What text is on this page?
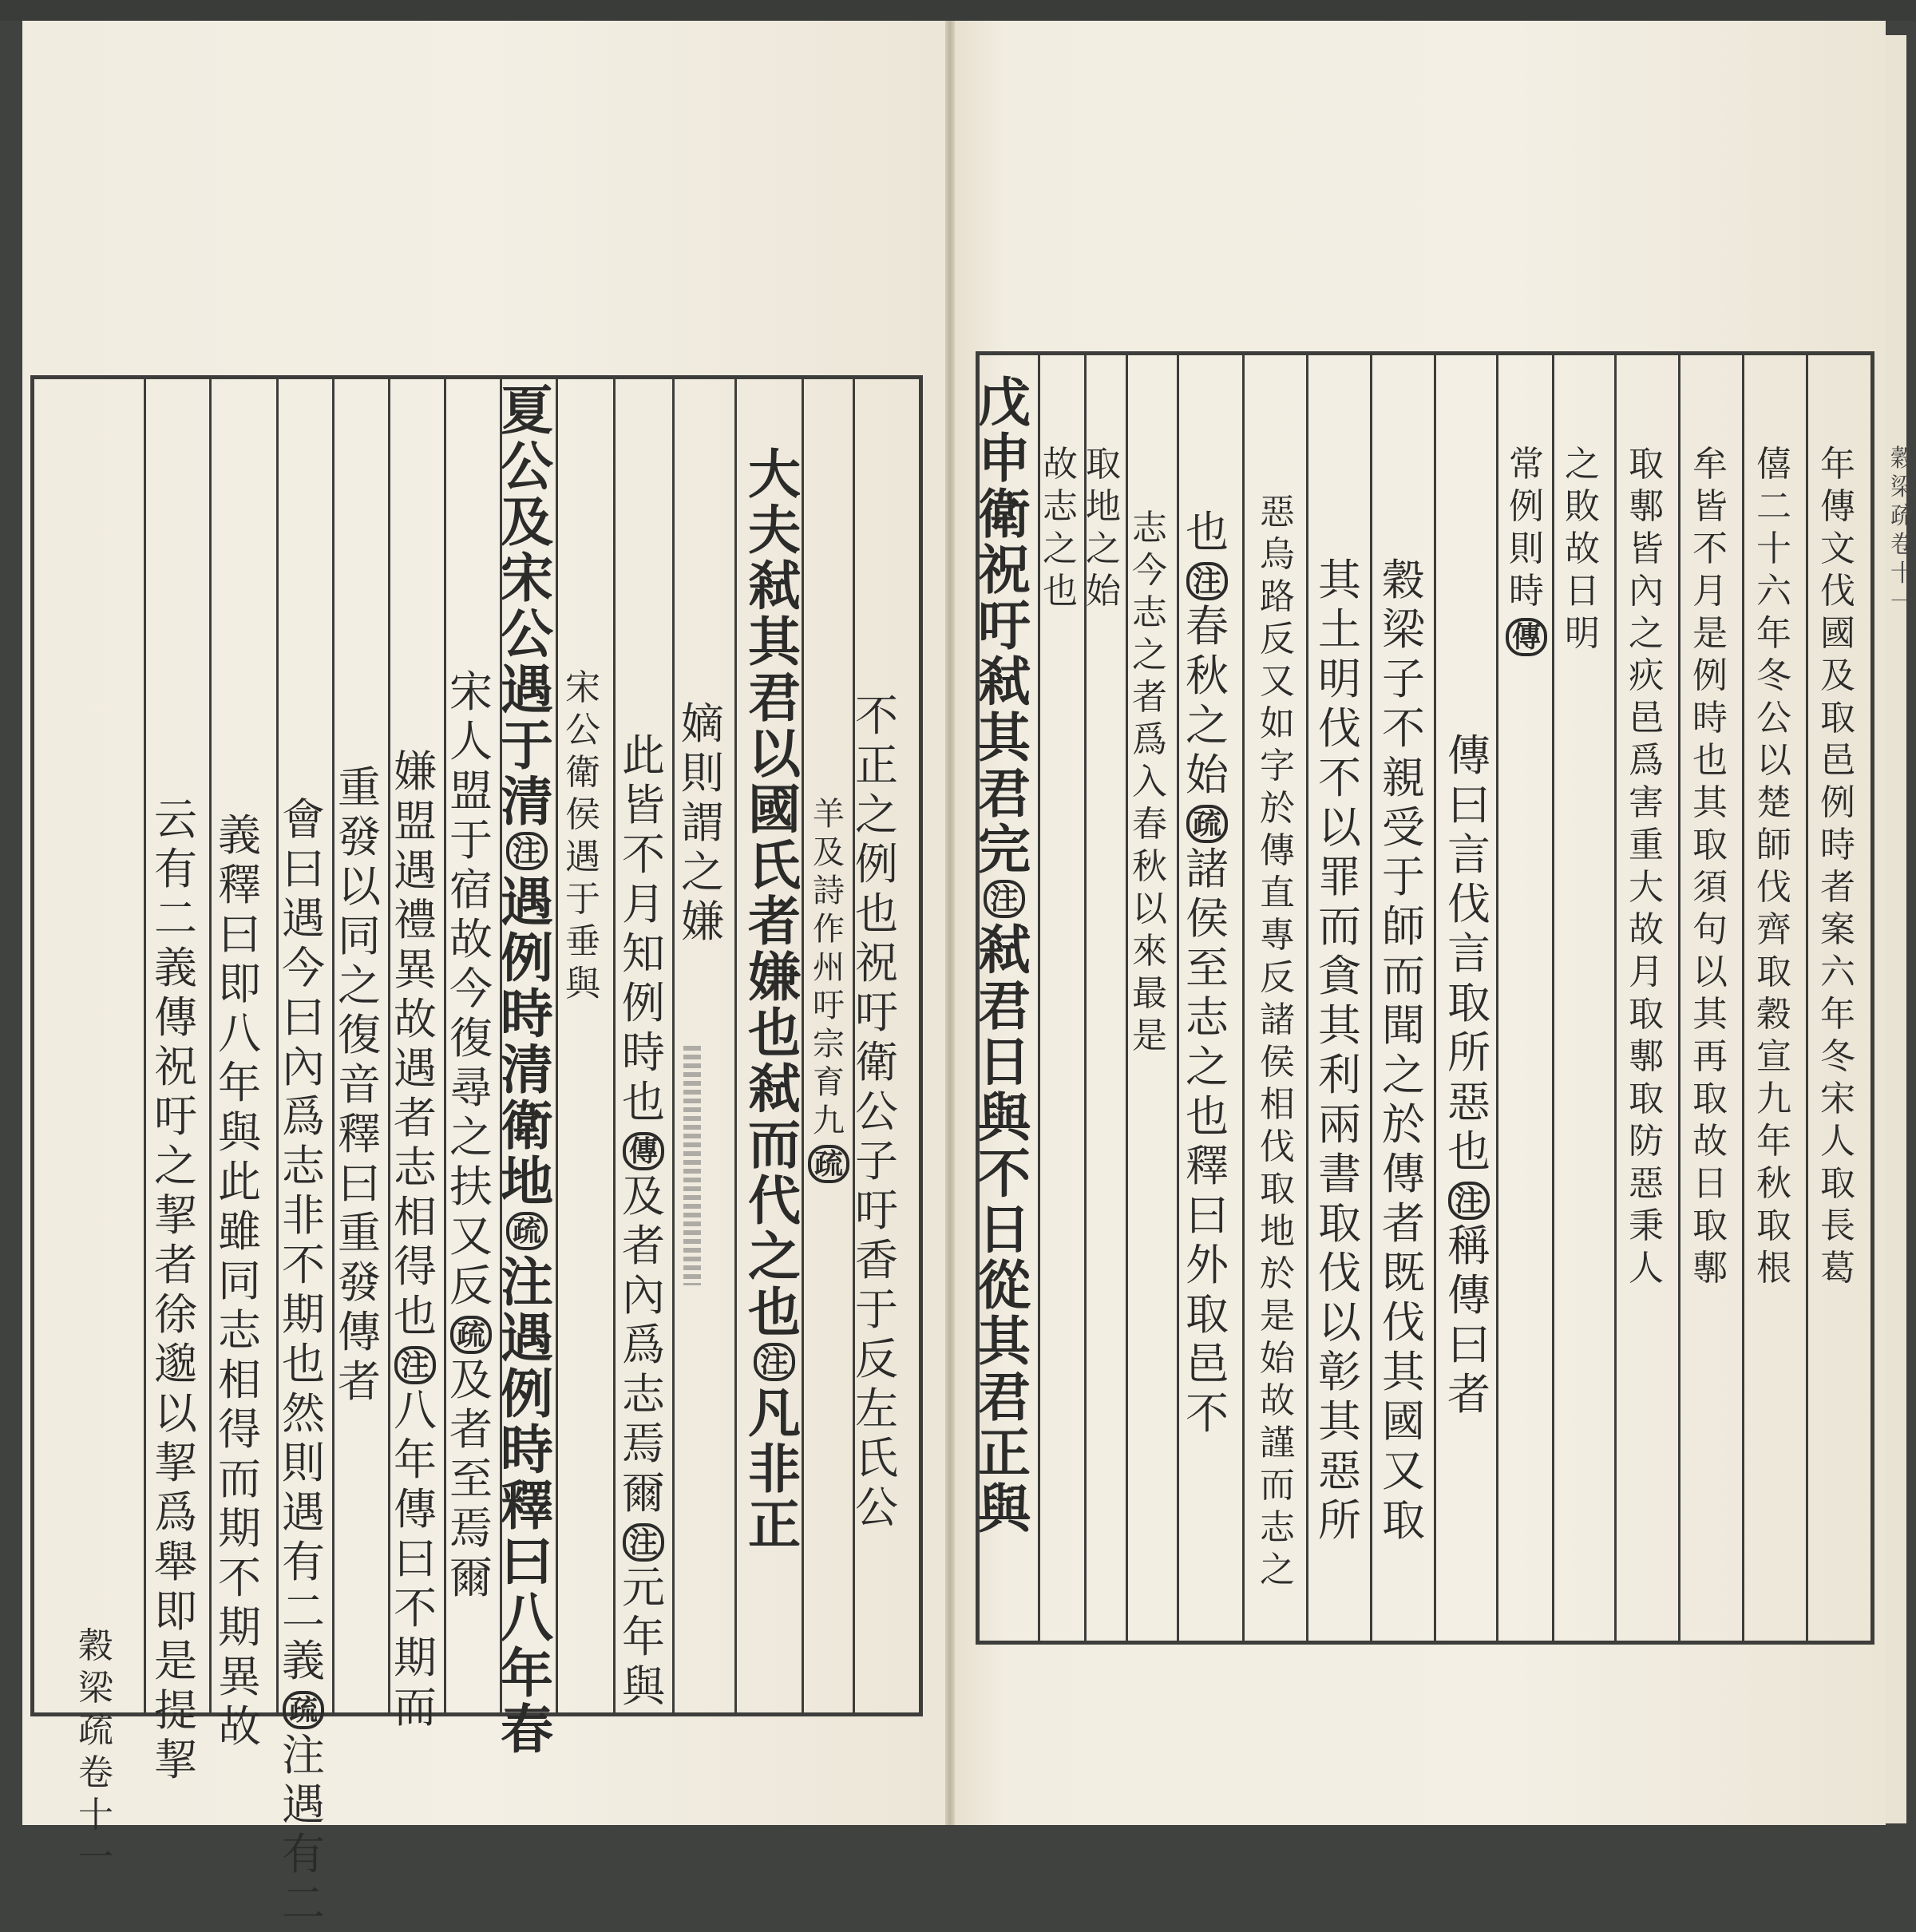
年
傳
文
伐
國
及
取
邑
例
時
者
案
六
年
冬
宋
人
取
長
葛
僖
二
十
六
年
冬
公
以
楚
師
伐
齊
取
穀
宣
九
年
秋
取
根
牟
皆
不
月
是
例
時
也
其
取
須
句
以
其
再
取
故
日
取
鄟
取
鄟
皆
內
之
疢
邑
爲
害
重
大
故
月
取
鄟
取
防
惡
秉
人
之
敗
故
日
明
常
例
則
時
傳
傳
曰
言
伐
言
取
所
惡
也
注
稱
傳
曰
者
穀
梁
子
不
親
受
于
師
而
聞
之
於
傳
者
既
伐
其
國
又
取
其
土
明
伐
不
以
罪
而
貪
其
利
兩
書
取
伐
以
彰
其
惡
所
惡
烏
路
反
又
如
字
於
傳
直
專
反
諸
侯
相
伐
取
地
於
是
始
故
謹
而
志
之
也
注
春
秋
之
始
疏
諸
侯
至
志
之
也
釋
曰
外
取
邑
不
志
今
志
之
者
爲
入
春
秋
以
來
最
是
取
地
之
始
故
志
之
也
戊
申
衛
祝
吁
弒
其
君
完
注
弒
君
日
與
不
日
從
其
君
正
與
不
正
之
例
也
祝
吁
衛
公
子
吁
香
于
反
左
氏
公
羊
及
詩
作
州
吁
宗
育
九
疏
大
夫
弒
其
君
以
國
氏
者
嫌
也
弒
而
代
之
也
注
凡
非
正
嫡
則
謂
之
嫌
此
皆
不
月
知
例
時
也
傳
及
者
內
爲
志
焉
爾
注
元
年
與
宋
公
衛
侯
遇
于
垂
與
夏
公
及
宋
公
遇
于
清
注
遇
例
時
清
衛
地
疏
注
遇
例
時
釋
曰
八
年
春
宋
人
盟
于
宿
故
今
復
尋
之
扶
又
反
疏
及
者
至
焉
爾
嫌
盟
遇
禮
異
故
遇
者
志
相
得
也
注
八
年
傳
曰
不
期
而
重
發
以
同
之
復
音
釋
曰
重
發
傳
者
會
曰
遇
今
曰
內
爲
志
非
不
期
也
然
則
遇
有
二
義
疏
注
遇
有
二
義
釋
曰
即
八
年
與
此
雖
同
志
相
得
而
期
不
期
異
故
云
有
二
義
傳
祝
吁
之
挈
者
徐
邈
以
挈
爲
舉
即
是
提
挈
穀
梁
疏
卷
十
一
穀
梁
疏
卷
十
一
